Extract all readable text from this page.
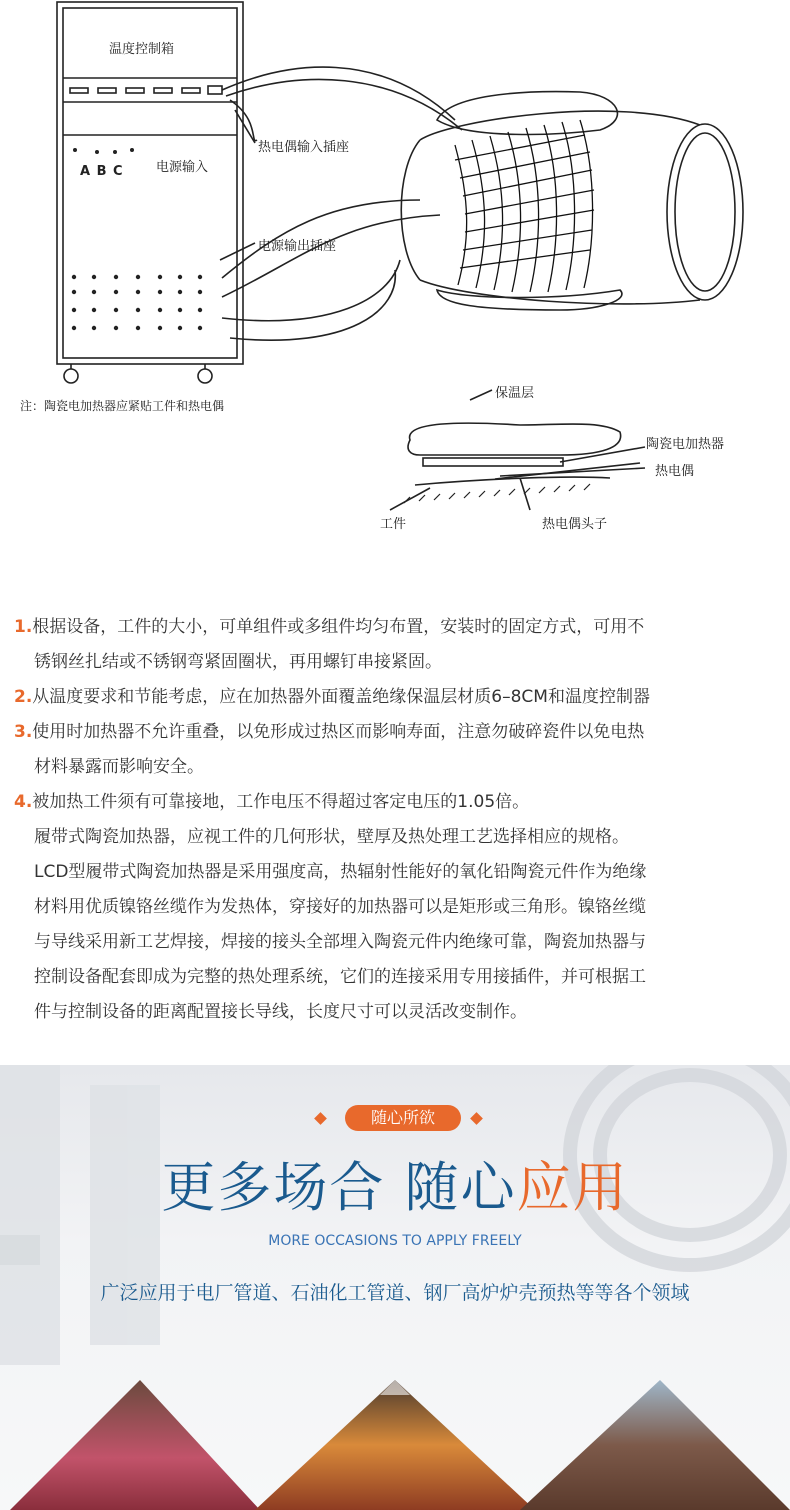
温度控制箱
电源输入
A B C
热电偶输入插座
电源输出插座
注：陶瓷电加热器应紧贴工件和热电偶
保温层
陶瓷电加热器
热电偶
工件	热电偶头子

1.根据设备，工件的大小，可单组件或多组件均匀布置，安装时的固定方式，可用不
锈钢丝扎结或不锈钢弯紧固圈状，再用螺钉串接紧固。

2.从温度要求和节能考虑，应在加热器外面覆盖绝缘保温层材质6–8CM和温度控制器

3.使用时加热器不允许重叠，以免形成过热区而影响寿面，注意勿破碎瓷件以免电热
材料暴露而影响安全。

4.被加热工件须有可靠接地，工作电压不得超过客定电压的1.05倍。

履带式陶瓷加热器，应视工件的几何形状，壁厚及热处理工艺选择相应的规格。

LCD型履带式陶瓷加热器是采用强度高，热辐射性能好的氧化铅陶瓷元件作为绝缘

材料用优质镍铬丝缆作为发热体，穿接好的加热器可以是矩形或三角形。镍铬丝缆

与导线采用新工艺焊接，焊接的接头全部埋入陶瓷元件内绝缘可靠，陶瓷加热器与

控制设备配套即成为完整的热处理系统，它们的连接采用专用接插件，并可根据工

件与控制设备的距离配置接长导线，长度尺寸可以灵活改变制作。

随心所欲
更多场合 随心应用
MORE OCCASIONS TO APPLY FREELY
广泛应用于电厂管道、石油化工管道、钢厂高炉炉壳预热等等各个领域
